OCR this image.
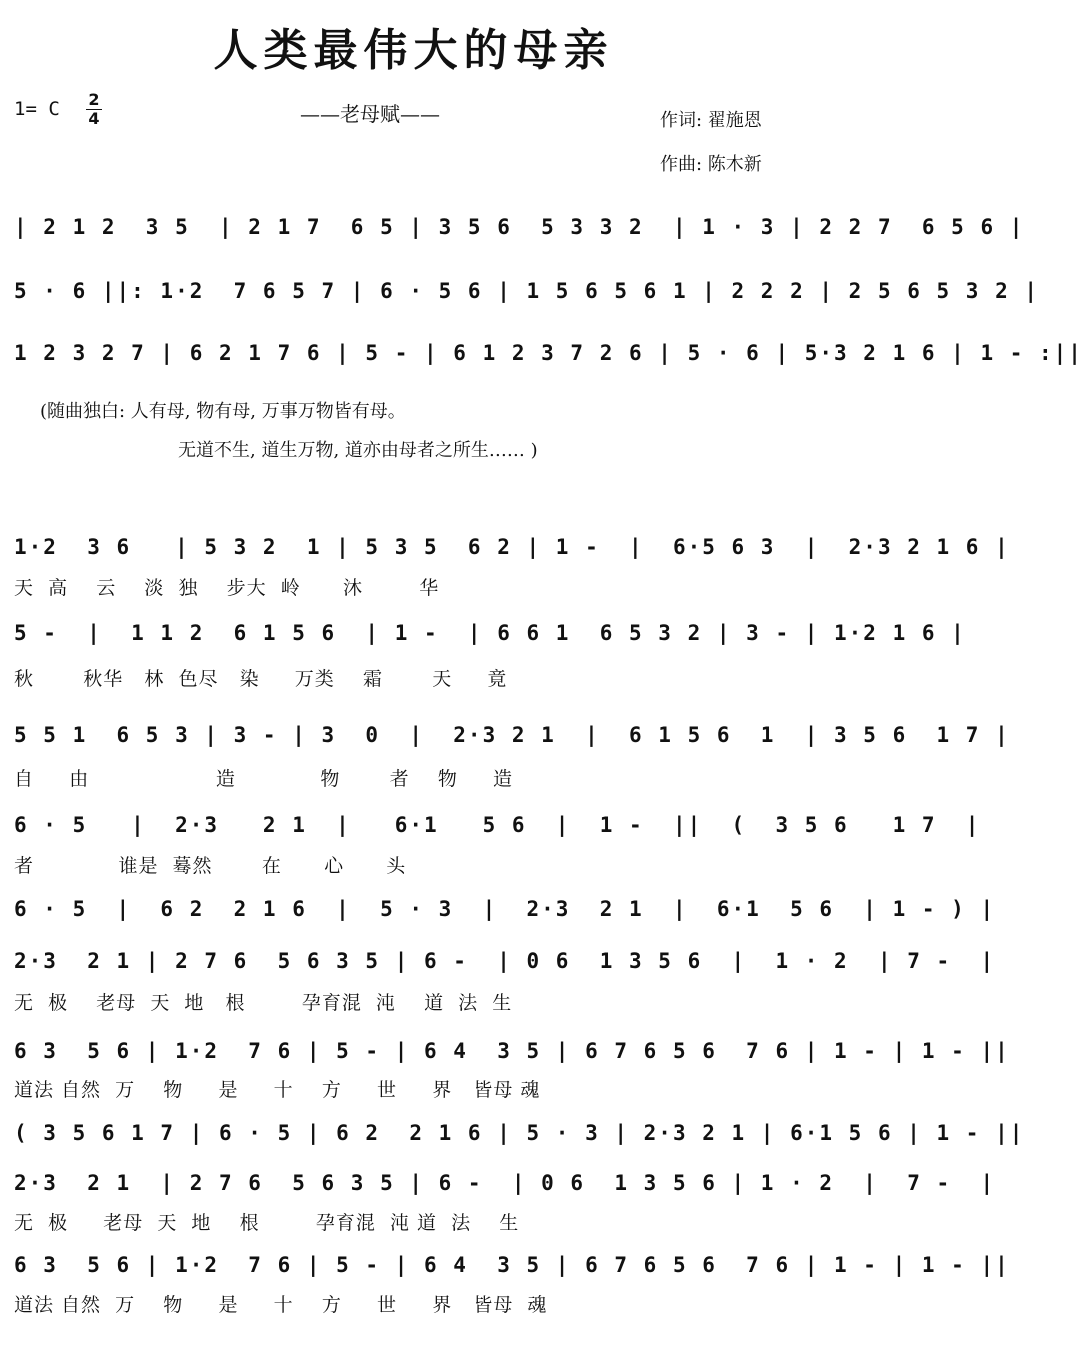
人类最伟大的母亲
1= C 2
4	——老母赋——	作词: 翟施恩
作曲: 陈木新
| 2 1 2  3 5  | 2 1 7  6 5 | 3 5 6  5 3 3 2  | 1 · 3 | 2 2 7  6 5 6 |
5 · 6 ||: 1·2  7 6 5 7 | 6 · 5 6 | 1 5 6 5 6 1 | 2 2 2 | 2 5 6 5 3 2 |
1 2 3 2 7 | 6 2 1 7 6 | 5 - | 6 1 2 3 7 2 6 | 5 · 6 | 5·3 2 1 6 | 1 - :||
(随曲独白: 人有母, 物有母, 万事万物皆有母。
无道不生, 道生万物, 道亦由母者之所生…… )
1·2  3 6   | 5 3 2  1 | 5 3 5  6 2 | 1 -  |  6·5 6 3  |  2·3 2 1 6 |
天  高    云    淡  独    步大  岭      沐        华
5 -  |  1 1 2  6 1 5 6  | 1 -  | 6 6 1  6 5 3 2 | 3 - | 1·2 1 6 |
秋       秋华   林  色尽   染     万类    霜       天     竟
5 5 1  6 5 3 | 3 - | 3  0  |  2·3 2 1  |  6 1 5 6  1  | 3 5 6  1 7 |
自     由                  造            物       者    物     造
6 · 5   |  2·3   2 1  |   6·1   5 6  |  1 -  ||  (  3 5 6   1 7  |
者            谁是  蓦然       在      心      头
6 · 5  |  6 2  2 1 6  |  5 · 3  |  2·3  2 1  |  6·1  5 6  | 1 - ) |
2·3  2 1 | 2 7 6  5 6 3 5 | 6 -  | 0 6  1 3 5 6  |  1 · 2  | 7 -  |
无  极    老母  天  地   根        孕育混  沌    道  法  生
6 3  5 6 | 1·2  7 6 | 5 - | 6 4  3 5 | 6 7 6 5 6  7 6 | 1 - | 1 - ||
道法 自然  万    物     是     十    方     世     界   皆母 魂
( 3 5 6 1 7 | 6 · 5 | 6 2  2 1 6 | 5 · 3 | 2·3 2 1 | 6·1 5 6 | 1 - ||
2·3  2 1  | 2 7 6  5 6 3 5 | 6 -  | 0 6  1 3 5 6 | 1 · 2  |  7 -  |
无  极     老母  天  地    根        孕育混  沌 道  法    生
6 3  5 6 | 1·2  7 6 | 5 - | 6 4  3 5 | 6 7 6 5 6  7 6 | 1 - | 1 - ||
道法 自然  万    物     是     十    方     世     界   皆母  魂
